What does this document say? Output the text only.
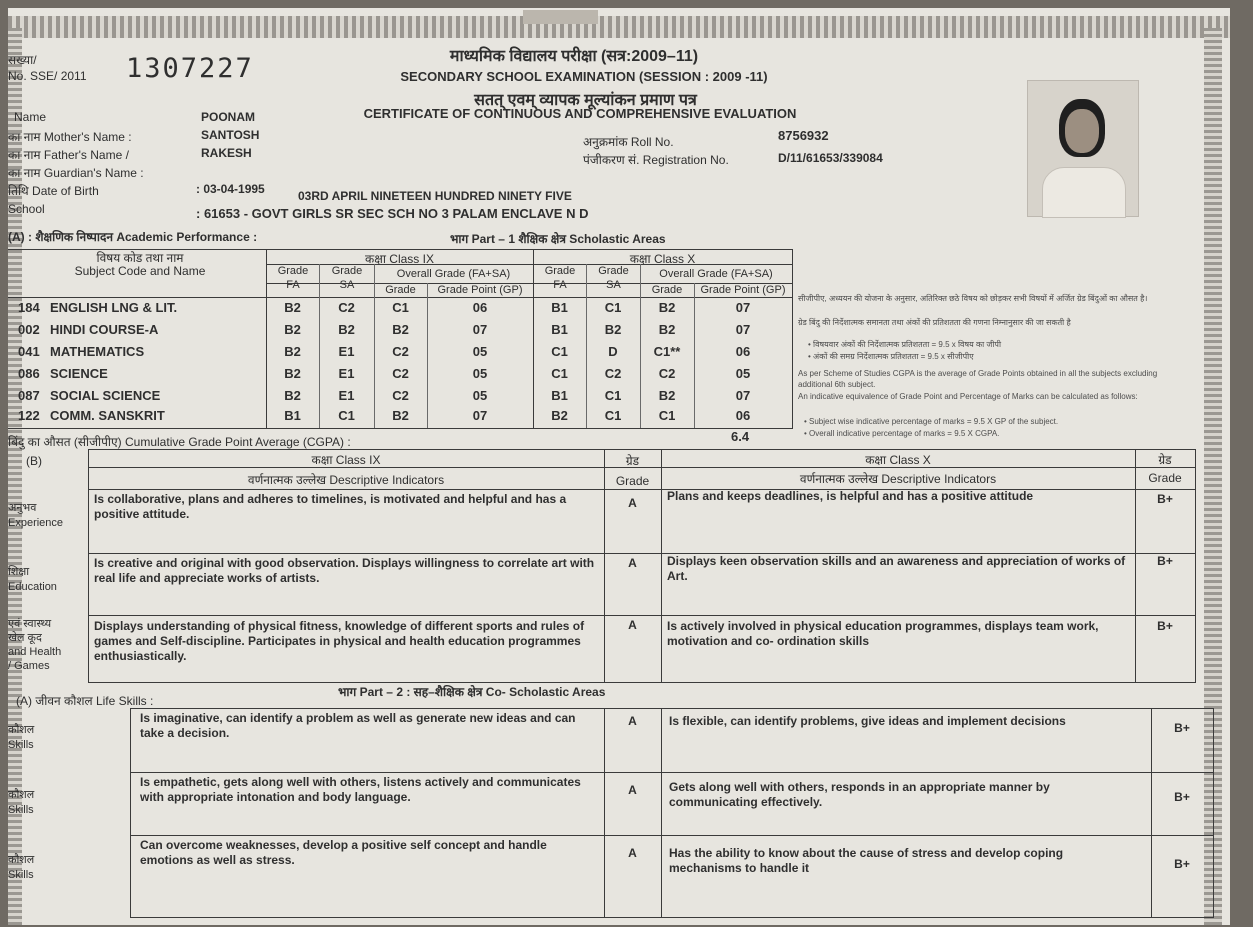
सख्या/
No. SSE/ 2011 1307227	माध्यमिक विद्यालय परीक्षा (सत्र:2009–11)
SECONDARY SCHOOL EXAMINATION (SESSION : 2009 -11)
सतत् एवम् व्यापक मूल्यांकन प्रमाण पत्र
CERTIFICATE OF CONTINUOUS AND COMPREHENSIVE EVALUATION
Name	POONAM
का नाम Mother's Name :	SANTOSH
का नाम Father's Name /	RAKESH
का नाम Guardian's Name :
तिथि Date of Birth	: 03-04-1995	03RD APRIL NINETEEN HUNDRED NINETY FIVE
School	: 61653 - GOVT GIRLS SR SEC SCH NO 3 PALAM ENCLAVE N D
अनुक्रमांक Roll No.	8756932
पंजीकरण सं. Registration No.	D/11/61653/339084
(A) : शैक्षणिक निष्पादन Academic Performance :	भाग Part – 1 शैक्षिक क्षेत्र Scholastic Areas
विषय कोड तथा नाम
Subject Code and Name
कक्षा Class IX	कक्षा Class X
Grade
FA
Grade
SA
Overall Grade (FA+SA)
Grade	Grade Point (GP)
Grade
FA
Grade
SA
Overall Grade (FA+SA)
Grade	Grade Point (GP)
184 ENGLISH LNG & LIT.	B2	C2	C1	06	B1	C1	B2	07
002 HINDI COURSE-A	B2	B2	B2	07	B1	B2	B2	07
041 MATHEMATICS	B2	E1	C2	05	C1	D	C1**	06
086 SCIENCE	B2	E1	C2	05	C1	C2	C2	05
087 SOCIAL SCIENCE	B2	E1	C2	05	B1	C1	B2	07
122 COMM. SANSKRIT	B1	C1	B2	07	B2	C1	C1	06
बिंदु का औसत (सीजीपीए) Cumulative Grade Point Average (CGPA) :	6.4
सीजीपीए, अध्ययन की योजना के अनुसार, अतिरिक्त छठे विषय को छोड़कर सभी विषयों में अर्जित ग्रेड बिंदुओं का औसत है।
ग्रेड बिंदु की निर्देशात्मक समानता तथा अंकों की प्रतिशतता की गणना निम्नानुसार की जा सकती है
• विषयवार अंकों की निर्देशात्मक प्रतिशतता = 9.5 x विषय का जीपी
• अंकों की समग्र निर्देशात्मक प्रतिशतता = 9.5 x सीजीपीए
As per Scheme of Studies CGPA is the average of Grade Points obtained in all the subjects excluding additional 6th subject.
An indicative equivalence of Grade Point and Percentage of Marks can be calculated as follows:
• Subject wise indicative percentage of marks = 9.5 X GP of the subject.
• Overall indicative percentage of marks = 9.5 X CGPA.
(B)	कक्षा Class IX
वर्णनात्मक उल्लेख Descriptive Indicators
ग्रेड
Grade
कक्षा Class X
वर्णनात्मक उल्लेख Descriptive Indicators
ग्रेड
Grade
अनुभव
Experience
Is collaborative, plans and adheres to timelines, is motivated and helpful and has a positive attitude.
A	Plans and keeps deadlines, is helpful and has a positive attitude	B+
शिक्षा
Education
Is creative and original with good observation. Displays willingness to correlate art with real life and appreciate works of artists.
A	Displays keen observation skills and an awareness and appreciation of works of Art.
B+
एवं स्वास्थ्य
खेल कूद
and Health
/ Games
Displays understanding of physical fitness, knowledge of different sports and rules of games and Self-discipline. Participates in physical and health education programmes enthusiastically.
A	Is actively involved in physical education programmes, displays team work, motivation and co- ordination skills
B+
(A) जीवन कौशल Life Skills :
भाग Part – 2 : सह–शैक्षिक क्षेत्र Co- Scholastic Areas
कौशल
Skills
Is imaginative, can identify a problem as well as generate new ideas and can take a decision.
A	Is flexible, can identify problems, give ideas and implement decisions	B+
कौशल
Skills
Is empathetic, gets along well with others, listens actively and communicates with appropriate intonation and body language.	A	Gets along well with others, responds in an appropriate manner by communicating effectively.	B+
कौशल
Skills
Can overcome weaknesses, develop a positive self concept and handle emotions as well as stress.	A	Has the ability to know about the cause of stress and develop coping mechanisms to handle it	B+
